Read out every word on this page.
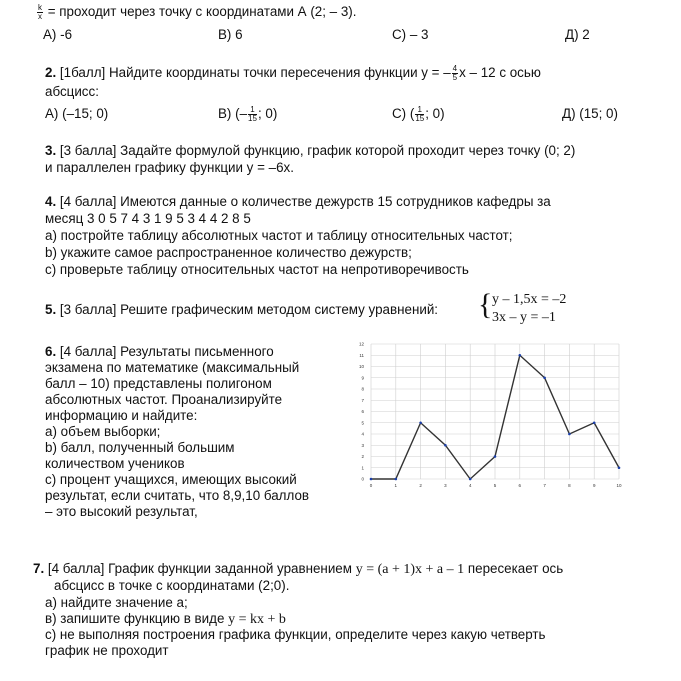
$\frac{k}{x}$ = проходит через точку с координатами А (2; – 3).
А) -6	В) 6	С) – 3	Д) 2
2. [1балл] Найдите координаты точки пересечения функции y = – $\frac{4}{5}$ x – 12 с осью
абсцисс:
А) (–15; 0)	В) (– $\frac{1}{15}$ ; 0)	С) ( $\frac{1}{15}$ ; 0)	Д) (15; 0)
3. [3 балла] Задайте формулой функцию, график которой проходит через точку (0; 2)
и параллелен графику функции y = –6x.
4. [4 балла] Имеются данные о количестве дежурств 15 сотрудников кафедры за
месяц 3 0 5 7 4 3 1 9 5 3 4 4 2 8 5
a) постройте таблицу абсолютных частот и таблицу относительных частот;
b) укажите самое распространенное количество дежурств;
c) проверьте таблицу относительных частот на непротиворечивость
5. [3 балла] Решите графическим методом систему уравнений: { y – 1,5x = –2
3x – y = –1
6. [4 балла] Результаты письменного
экзамена по математике (максимальный
балл – 10) представлены полигоном
абсолютных частот. Проанализируйте
информацию и найдите:
а) объем выборки;
b) балл, полученный большим
количеством учеников
c) процент учащихся, имеющих высокий
результат, если считать, что 8,9,10 баллов
– это высокий результат,
0
1
2
3
4
5
6
7
8
9
10
11
12
0	1	2	3	4	5	6	7	8	9	10
7. [4 балла] График функции заданной уравнением y = (a + 1)x + a – 1 пересекает ось
абсцисс в точке с координатами (2;0).
а) найдите значение a;
в) запишите функцию в виде y = kx + b
с) не выполняя построения графика функции, определите через какую четверть
график не проходит
